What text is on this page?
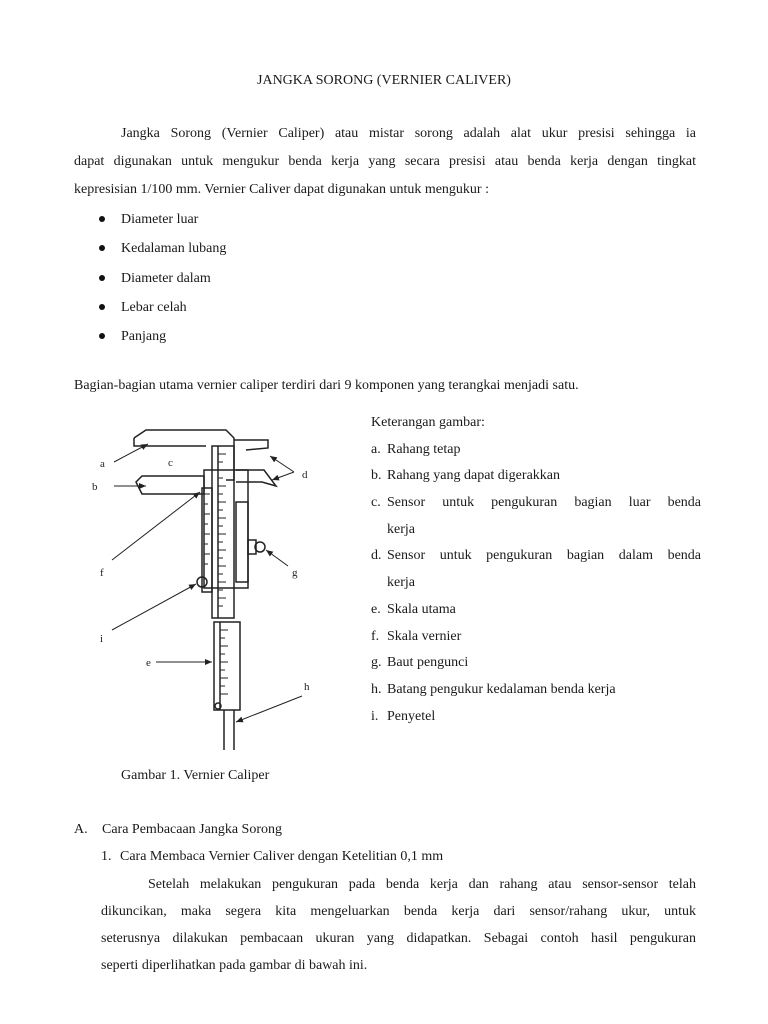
JANGKA SORONG (VERNIER CALIVER)
Jangka Sorong (Vernier Caliper) atau mistar sorong adalah alat ukur presisi sehingga ia
dapat digunakan untuk mengukur benda kerja yang secara presisi atau benda kerja dengan tingkat
kepresisian 1/100 mm. Vernier Caliver dapat digunakan untuk mengukur :
Diameter luar
Kedalaman lubang
Diameter dalam
Lebar celah
Panjang
Bagian-bagian utama vernier caliper terdiri dari 9 komponen yang terangkai menjadi satu.
a	c
b
d
f	g
i
e
h
Keterangan gambar:
a. Rahang tetap
b. Rahang yang dapat digerakkan
c. Sensor untuk pengukuran bagian luar benda
kerja
d. Sensor untuk pengukuran bagian dalam benda
kerja
e. Skala utama
f. Skala vernier
g. Baut pengunci
h. Batang pengukur kedalaman benda kerja
i. Penyetel
Gambar 1. Vernier Caliper
A. Cara Pembacaan Jangka Sorong
1. Cara Membaca Vernier Caliver dengan Ketelitian 0,1 mm
Setelah melakukan pengukuran pada benda kerja dan rahang atau sensor-sensor telah
dikuncikan, maka segera kita mengeluarkan benda kerja dari sensor/rahang ukur, untuk
seterusnya dilakukan pembacaan ukuran yang didapatkan. Sebagai contoh hasil pengukuran
seperti diperlihatkan pada gambar di bawah ini.
